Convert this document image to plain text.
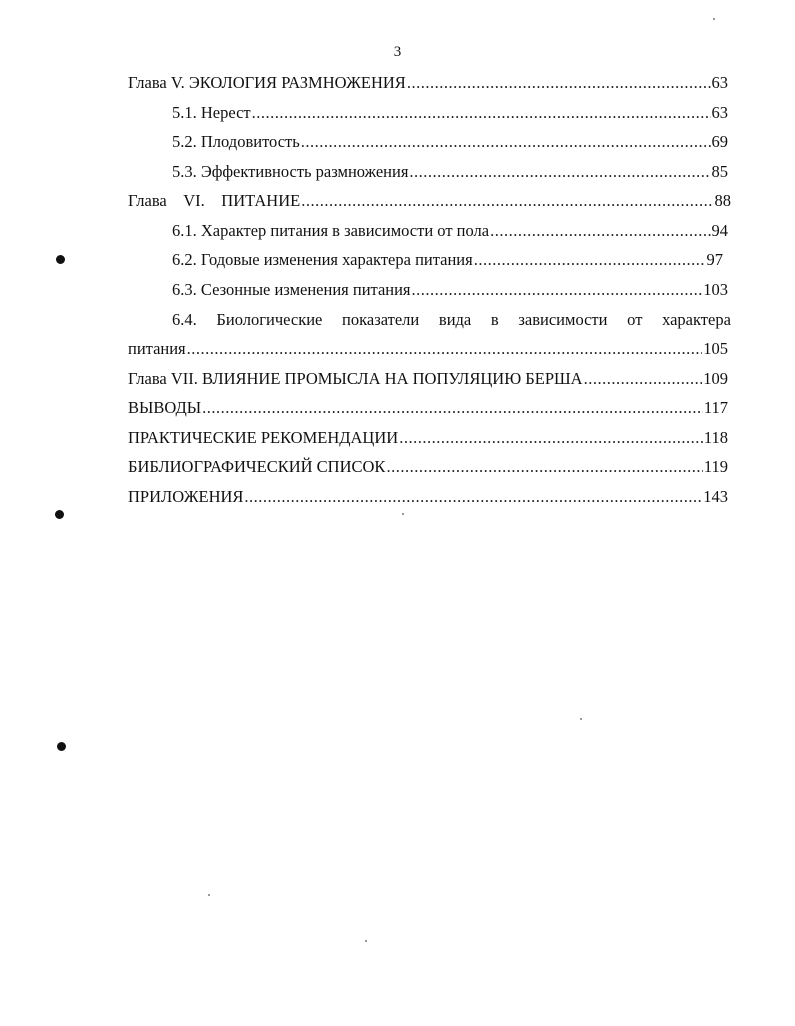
3
Глава V. ЭКОЛОГИЯ РАЗМНОЖЕНИЯ .....	63
5.1. Нерест .....	63
5.2. Плодовитость .....	69
5.3. Эффективность размножения .....	85
Глава    VI.    ПИТАНИЕ .....	88
6.1. Характер питания в зависимости от пола .....	94
6.2. Годовые изменения характера питания .....	97
6.3. Сезонные изменения питания .....	103
6.4. Биологические показатели вида в зависимости от характера
питания .....	105
Глава VII. ВЛИЯНИЕ ПРОМЫСЛА НА ПОПУЛЯЦИЮ БЕРША .....	109
ВЫВОДЫ .....	117
ПРАКТИЧЕСКИЕ РЕКОМЕНДАЦИИ .....	118
БИБЛИОГРАФИЧЕСКИЙ СПИСОК .....	119
ПРИЛОЖЕНИЯ .....	143
